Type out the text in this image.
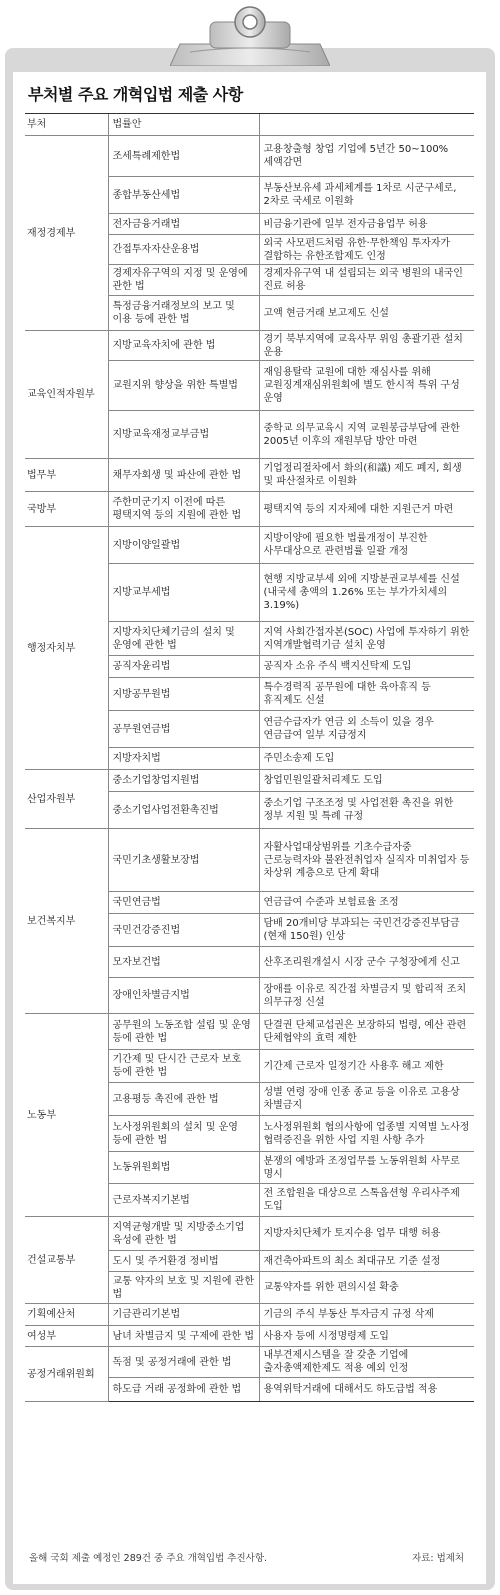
부처별 주요 개혁입법 제출 사항
부처	법률안	
재정경제부	조세특례제한법	고용창출형 창업 기업에 5년간 50~100% 세액감면
	종합부동산세법	부동산보유세 과세체계를 1차로 시군구세로, 2차로 국세로 이원화
	전자금융거래법	비금융기관에 일부 전자금융업무 허용
	간접투자자산운용법	외국 사모펀드처럼 유한·무한책임 투자자가 결합하는 유한조합제도 인정
	경제자유구역의 지정 및 운영에 관한 법	경제자유구역 내 설립되는 외국 병원의 내국인 진료 허용
	특정금융거래정보의 보고 및 이용 등에 관한 법	고액 현금거래 보고제도 신설
교육인적자원부	지방교육자치에 관한 법	경기 북부지역에 교육사무 위임 총괄기관 설치 운용
	교원지위 향상을 위한 특별법	재임용탈락 교원에 대한 재심사를 위해 교원징계재심위원회에 별도 한시적 특위 구성 운영
	지방교육재정교부금법	중학교 의무교육시 지역 교원봉급부담에 관한 2005년 이후의 재원부담 방안 마련
법무부	채무자회생 및 파산에 관한 법	기업정리절차에서 화의(和議) 제도 폐지, 회생 및 파산절차로 이원화
국방부	주한미군기지 이전에 따른 평택지역 등의 지원에 관한 법	평택지역 등의 지자체에 대한 지원근거 마련
행정자치부	지방이양일괄법	지방이양에 필요한 법률개정이 부진한 사무대상으로 관련법률 일괄 개정
	지방교부세법	현행 지방교부세 외에 지방분권교부세를 신설(내국세 총액의 1.26% 또는 부가가치세의 3.19%)
	지방자치단체기금의 설치 및 운영에 관한 법	지역 사회간접자본(SOC) 사업에 투자하기 위한 지역개발협력기금 설치 운영
	공직자윤리법	공직자 소유 주식 백지신탁제 도입
	지방공무원법	특수경력직 공무원에 대한 육아휴직 등 휴직제도 신설
	공무원연금법	연금수급자가 연금 외 소득이 있을 경우 연금급여 일부 지급정지
	지방자치법	주민소송제 도입
산업자원부	중소기업창업지원법	창업민원일괄처리제도 도입
	중소기업사업전환촉진법	중소기업 구조조정 및 사업전환 촉진을 위한 정부 지원 및 특례 규정
보건복지부	국민기초생활보장법	자활사업대상범위를 기초수급자중 근로능력자와 불완전취업자 실직자 미취업자 등 차상위 계층으로 단계 확대
	국민연금법	연금급여 수준과 보험료율 조정
	국민건강증진법	담배 20개비당 부과되는 국민건강증진부담금 (현재 150원) 인상
	모자보건법	산후조리원개설시 시장 군수 구청장에게 신고
	장애인차별금지법	장애를 이유로 직간접 차별금지 및 합리적 조치 의무규정 신설
노동부	공무원의 노동조합 설립 및 운영 등에 관한 법	단결권 단체교섭권은 보장하되 법령, 예산 관련 단체협약의 효력 제한
	기간제 및 단시간 근로자 보호 등에 관한 법	기간제 근로자 일정기간 사용후 해고 제한
	고용평등 촉진에 관한 법	성별 연령 장애 인종 종교 등을 이유로 고용상 차별금지
	노사정위원회의 설치 및 운영 등에 관한 법	노사정위원회 협의사항에 업종별 지역별 노사정 협력증진을 위한 사업 지원 사항 추가
	노동위원회법	분쟁의 예방과 조정업무를 노동위원회 사무로 명시
	근로자복지기본법	전 조합원을 대상으로 스톡옵션형 우리사주제 도입
건설교통부	지역균형개발 및 지방중소기업 육성에 관한 법	지방자치단체가 토지수용 업무 대행 허용
	도시 및 주거환경 정비법	재건축아파트의 최소 최대규모 기준 설정
	교통 약자의 보호 및 지원에 관한 법	교통약자를 위한 편의시설 확충
기획예산처	기금관리기본법	기금의 주식 부동산 투자금지 규정 삭제
여성부	남녀 차별금지 및 구제에 관한 법	사용자 등에 시정명령제 도입
공정거래위원회	독점 및 공정거래에 관한 법	내부견제시스템을 잘 갖춘 기업에 출자총액제한제도 적용 예외 인정
	하도급 거래 공정화에 관한 법	용역위탁거래에 대해서도 하도급법 적용

올해 국회 제출 예정인 289건 중 주요 개혁입법 추진사항.	자료: 법제처
